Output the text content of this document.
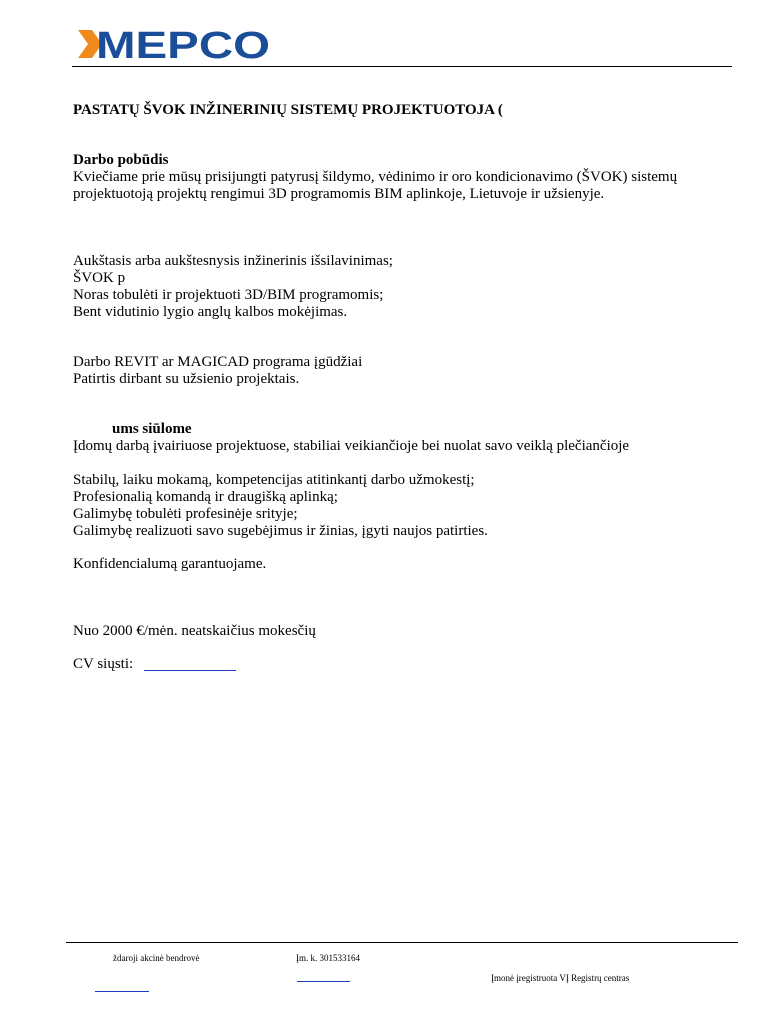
MEPCO
PASTATŲ ŠVOK INŽINERINIŲ SISTEMŲ PROJEKTUOTOJA (
Darbo pobūdis
Kviečiame prie mūsų prisijungti patyrusį šildymo, vėdinimo ir oro kondicionavimo (ŠVOK) sistemų
projektuotoją projektų rengimui 3D programomis BIM aplinkoje, Lietuvoje ir užsienyje.
Aukštasis arba aukštesnysis inžinerinis išsilavinimas;
ŠVOK p
Noras tobulėti ir projektuoti 3D/BIM programomis;
Bent vidutinio lygio anglų kalbos mokėjimas.
Darbo REVIT ar MAGICAD programa įgūdžiai
Patirtis dirbant su užsienio projektais.
ums siūlome
Įdomų darbą įvairiuose projektuose, stabiliai veikiančioje bei nuolat savo veiklą plečiančioje
Stabilų, laiku mokamą, kompetencijas atitinkantį darbo užmokestį;
Profesionalią komandą ir draugišką aplinką;
Galimybę tobulėti profesinėje srityje;
Galimybę realizuoti savo sugebėjimus ir žinias, įgyti naujos patirties.
Konfidencialumą garantuojame.
Nuo 2000 €/mėn. neatskaičius mokesčių
CV siųsti:
ždaroji akcinė bendrovė	Įm. k. 301533164
Įmonė įregistruota VĮ Registrų centras
